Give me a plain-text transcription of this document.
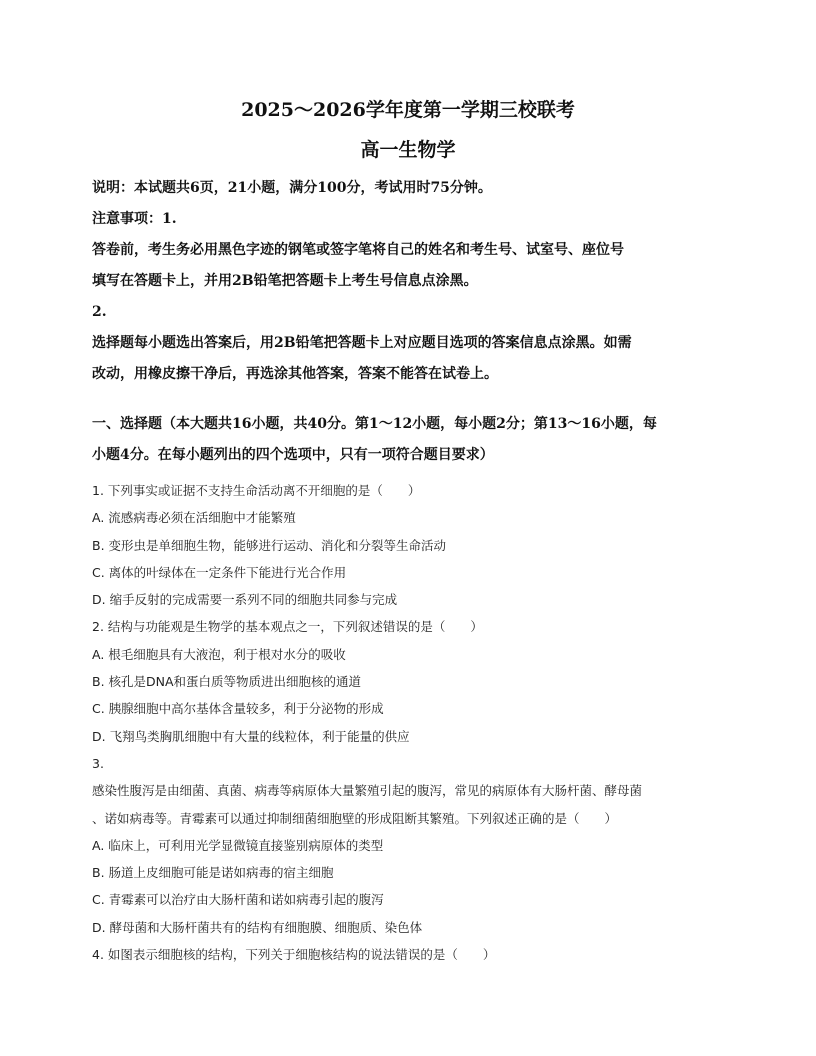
2025～2026学年度第一学期三校联考

高一生物学

说明：本试题共6页，21小题，满分100分，考试用时75分钟。

注意事项：1.

答卷前，考生务必用黑色字迹的钢笔或签字笔将自己的姓名和考生号、试室号、座位号

填写在答题卡上，并用2B铅笔把答题卡上考生号信息点涂黑。

2.

选择题每小题选出答案后，用2B铅笔把答题卡上对应题目选项的答案信息点涂黑。如需

改动，用橡皮擦干净后，再选涂其他答案，答案不能答在试卷上。

一、选择题（本大题共16小题，共40分。第1～12小题，每小题2分；第13～16小题，每
小题4分。在每小题列出的四个选项中，只有一项符合题目要求）

1. 下列事实或证据不支持生命活动离不开细胞的是（　　）

A. 流感病毒必须在活细胞中才能繁殖

B. 变形虫是单细胞生物，能够进行运动、消化和分裂等生命活动

C. 离体的叶绿体在一定条件下能进行光合作用

D. 缩手反射的完成需要一系列不同的细胞共同参与完成

2. 结构与功能观是生物学的基本观点之一，下列叙述错误的是（　　）

A. 根毛细胞具有大液泡，利于根对水分的吸收

B. 核孔是DNA和蛋白质等物质进出细胞核的通道

C. 胰腺细胞中高尔基体含量较多，利于分泌物的形成

D. 飞翔鸟类胸肌细胞中有大量的线粒体，利于能量的供应

3.

感染性腹泻是由细菌、真菌、病毒等病原体大量繁殖引起的腹泻，常见的病原体有大肠杆菌、酵母菌

、诺如病毒等。青霉素可以通过抑制细菌细胞壁的形成阻断其繁殖。下列叙述正确的是（　　）

A. 临床上，可利用光学显微镜直接鉴别病原体的类型

B. 肠道上皮细胞可能是诺如病毒的宿主细胞

C. 青霉素可以治疗由大肠杆菌和诺如病毒引起的腹泻

D. 酵母菌和大肠杆菌共有的结构有细胞膜、细胞质、染色体

4. 如图表示细胞核的结构，下列关于细胞核结构的说法错误的是（　　）
